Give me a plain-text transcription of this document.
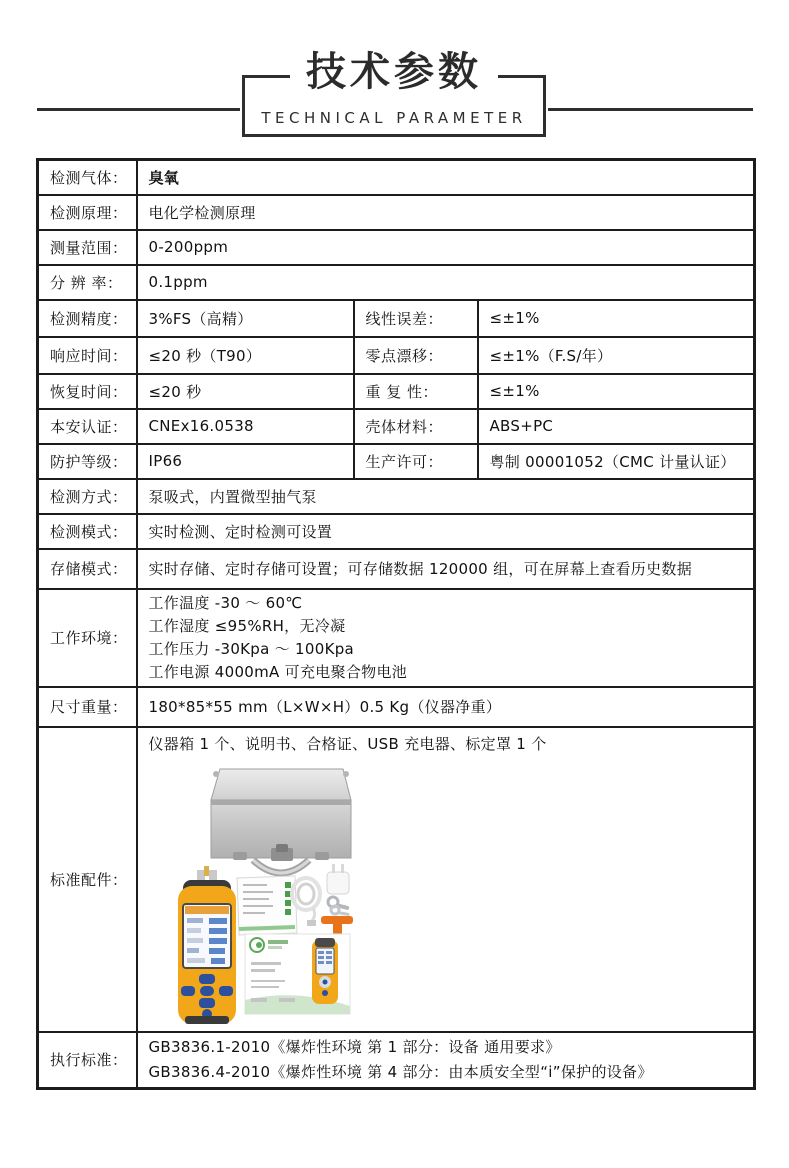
技术参数
TECHNICAL PARAMETER
检测气体：	臭氧		
检测原理：	电化学检测原理		
测量范围：	0-200ppm		
分 辨 率：	0.1ppm		
检测精度：	3%FS（高精）	线性误差：	≤±1%
响应时间：	≤20 秒（T90）	零点漂移：	≤±1%（F.S/年）
恢复时间：	≤20 秒	重 复 性：	≤±1%
本安认证：	CNEx16.0538	壳体材料：	ABS+PC
防护等级：	IP66	生产许可：	粤制 00001052（CMC 计量认证）
检测方式：	泵吸式，内置微型抽气泵		
检测模式：	实时检测、定时检测可设置		
存储模式：	实时存储、定时存储可设置；可存储数据 120000 组，可在屏幕上查看历史数据		
工作环境：	工作温度 -30 ～ 60℃
工作湿度 ≤95%RH，无冷凝
工作压力 -30Kpa ～ 100Kpa
工作电源 4000mA 可充电聚合物电池		

尺寸重量：	180*85*55 mm（L×W×H）0.5 Kg（仪器净重）		
标准配件：	仪器箱 1 个、说明书、合格证、USB 充电器、标定罩 1 个		

执行标准：	GB3836.1-2010《爆炸性环境 第 1 部分：设备 通用要求》
GB3836.4-2010《爆炸性环境 第 4 部分：由本质安全型“i”保护的设备》		
